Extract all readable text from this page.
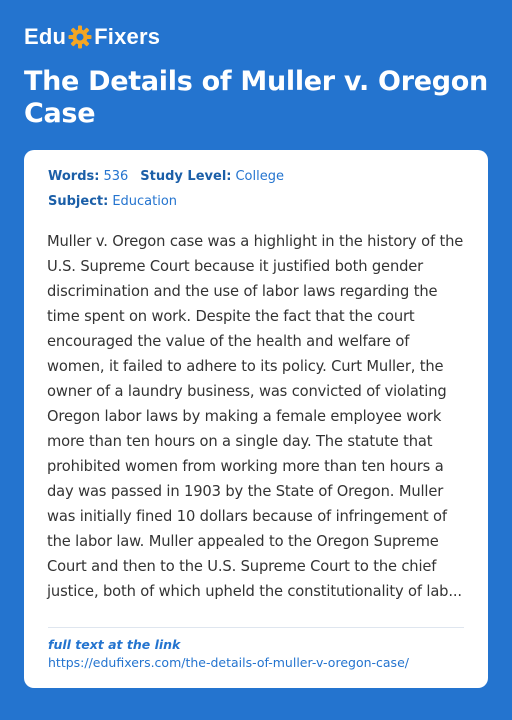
Edu Fixers
The Details of Muller v. Oregon Case
Words: 536 Study Level: College
Subject: Education

Muller v. Oregon case was a highlight in the history of the U.S. Supreme Court because it justified both gender discrimination and the use of labor laws regarding the time spent on work. Despite the fact that the court encouraged the value of the health and welfare of women, it failed to adhere to its policy. Curt Muller, the owner of a laundry business, was convicted of violating Oregon labor laws by making a female employee work more than ten hours on a single day. The statute that prohibited women from working more than ten hours a day was passed in 1903 by the State of Oregon. Muller was initially fined 10 dollars because of infringement of the labor law. Muller appealed to the Oregon Supreme Court and then to the U.S. Supreme Court to the chief justice, both of which upheld the constitutionality of lab...

full text at the link
https://edufixers.com/the-details-of-muller-v-oregon-case/
